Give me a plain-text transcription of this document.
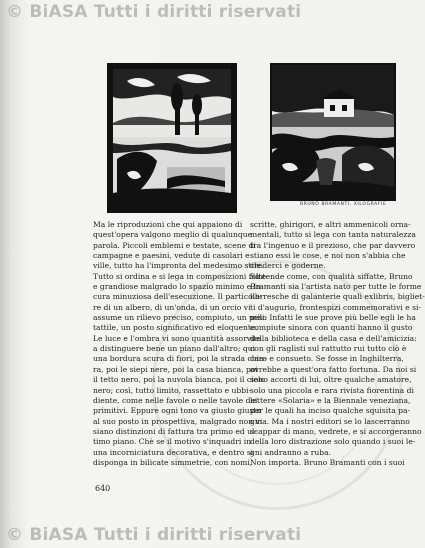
© BiASA Tutti i diritti riservati
BRUNO BRAMANTI. XILOGRAFIE
Ma le riproduzioni che qui appaiono di
quest'opera valgono meglio di qualunque
parola. Piccoli emblemi e testate, scene di
campagne e paesini, vedute di casolari e
ville, tutto ha l'impronta del medesimo stile.
Tutto si ordina e si lega in composizioni folte
e grandiose malgrado lo spazio minimo e la
cura minuziosa dell'esecuzione. Il particola-
re di un albero, di un'onda, di un orcio vi
assume un rilievo preciso, compiuto, un peso
tattile, un posto significativo ed eloquente.
Le luce e l'ombra vi sono quantità assorvite
a distinguere bene un piano dall'altro; qui
una bordura scura di fiori, poi la strada chia-
ra, poi le siepi nere, poi la casa bianca, poi
il tetto nero, poi la nuvola bianca, poi il cielo
nero; così, tutto limito, rassettato e ubbi-
diente, come nelle favole o nelle tavole dei
primitivi. Eppure ogni tono va giusto giusto
al suo posto in prospettiva, malgrado non vi
siano distinzioni di fattura tra primo ed ul-
timo piano. Chè se il motivo s'inquadri in
una incorniciatura decorativa, e dentro si
disponga in bilicate simmetrie, con nomi,
scritte, ghirigori, e altri ammenicoli orna-
mentali, tutto si lega con tanta naturalezza
tra l'ingenuo e il prezioso, che par davvero
stiano essi le cose, e noi non s'abbia che
crederci e goderne.
Sintende come, con qualità siffatte, Bruno
Bramanti sia l'artista nato per tutte le forme
librresche di galanterie quali exlibris, bigliet-
ti d'augurio, frontespizi commemorativi e si-
mili. Infatti le sue prove più belle egli le ha
compiute sinora con quanti hanno il gusto
della biblioteca e della casa e dell'amicizia:
con gli raglisti sul rattutto rui tutto ciò è
caro e consueto. Se fosse in Inghilterra,
avrebbe a quest'ora fatto fortuna. Da noi si
sono accorti di lui, oltre qualche amatore,
solo una piccola e rara rivista fiorentina di
lettere «Solaria» e la Biennale veneziana,
per le quali ha inciso qualche squisita pa-
gina. Ma i nostri editori se lo lascerranno
scappar di mano, vedrete, e si accorgeranno
della loro distrazione solo quando i suoi le-
gni andranno a ruba.
Non importa. Bruno Bramanti con i suoi
640
© BiASA Tutti i diritti riservati
